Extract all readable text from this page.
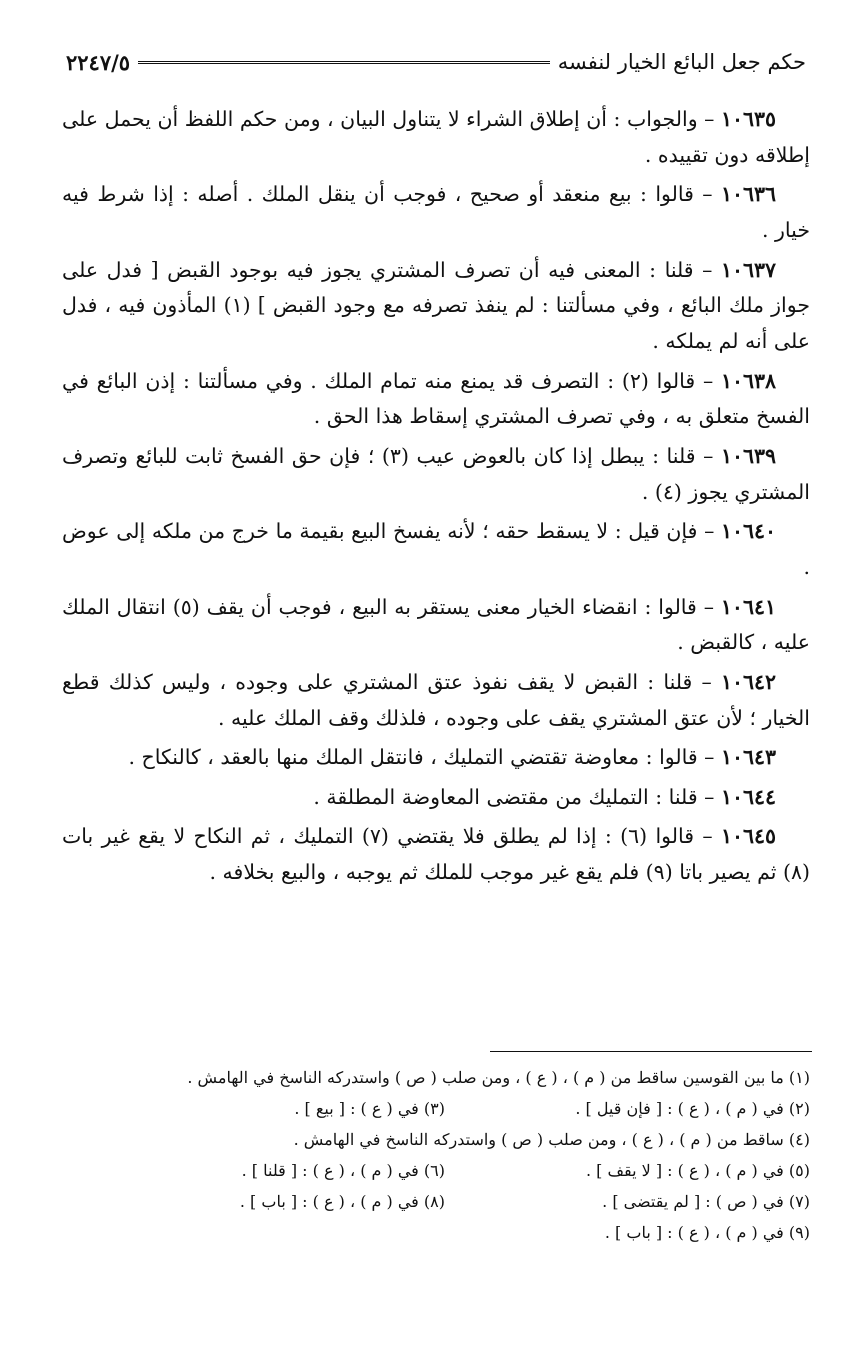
حكم جعل البائع الخيار لنفسه
٢٢٤٧/٥

١٠٦٣٥ – والجواب : أن إطلاق الشراء لا يتناول البيان ، ومن حكم اللفظ أن يحمل على إطلاقه دون تقييده .

١٠٦٣٦ – قالوا : بيع منعقد أو صحيح ، فوجب أن ينقل الملك . أصله : إذا شرط فيه خيار .

١٠٦٣٧ – قلنا : المعنى فيه أن تصرف المشتري يجوز فيه بوجود القبض [ فدل على جواز ملك البائع ، وفي مسألتنا : لم ينفذ تصرفه مع وجود القبض ] (١) المأذون فيه ، فدل على أنه لم يملكه .

١٠٦٣٨ – قالوا (٢) : التصرف قد يمنع منه تمام الملك . وفي مسألتنا : إذن البائع في الفسخ متعلق به ، وفي تصرف المشتري إسقاط هذا الحق .

١٠٦٣٩ – قلنا : يبطل إذا كان بالعوض عيب (٣) ؛ فإن حق الفسخ ثابت للبائع وتصرف المشتري يجوز (٤) .

١٠٦٤٠ – فإن قيل : لا يسقط حقه ؛ لأنه يفسخ البيع بقيمة ما خرج من ملكه إلى عوض .

١٠٦٤١ – قالوا : انقضاء الخيار معنى يستقر به البيع ، فوجب أن يقف (٥) انتقال الملك عليه ، كالقبض .

١٠٦٤٢ – قلنا : القبض لا يقف نفوذ عتق المشتري على وجوده ، وليس كذلك قطع الخيار ؛ لأن عتق المشتري يقف على وجوده ، فلذلك وقف الملك عليه .

١٠٦٤٣ – قالوا : معاوضة تقتضي التمليك ، فانتقل الملك منها بالعقد ، كالنكاح .

١٠٦٤٤ – قلنا : التمليك من مقتضى المعاوضة المطلقة .

١٠٦٤٥ – قالوا (٦) : إذا لم يطلق فلا يقتضي (٧) التمليك ، ثم النكاح لا يقع غير بات (٨) ثم يصير باتا (٩) فلم يقع غير موجب للملك ثم يوجبه ، والبيع بخلافه .

(١) ما بين القوسين ساقط من ( م ) ، ( ع ) ، ومن صلب ( ص ) واستدركه الناسخ في الهامش .
(٢) في ( م ) ، ( ع ) : [ فإن قيل ] .
(٣) في ( ع ) : [ بيع ] .
(٤) ساقط من ( م ) ، ( ع ) ، ومن صلب ( ص ) واستدركه الناسخ في الهامش .
(٥) في ( م ) ، ( ع ) : [ لا يقف ] .
(٦) في ( م ) ، ( ع ) : [ قلنا ] .
(٧) في ( ص ) : [ لم يقتضى ] .
(٨) في ( م ) ، ( ع ) : [ باب ] .
(٩) في ( م ) ، ( ع ) : [ باب ] .
